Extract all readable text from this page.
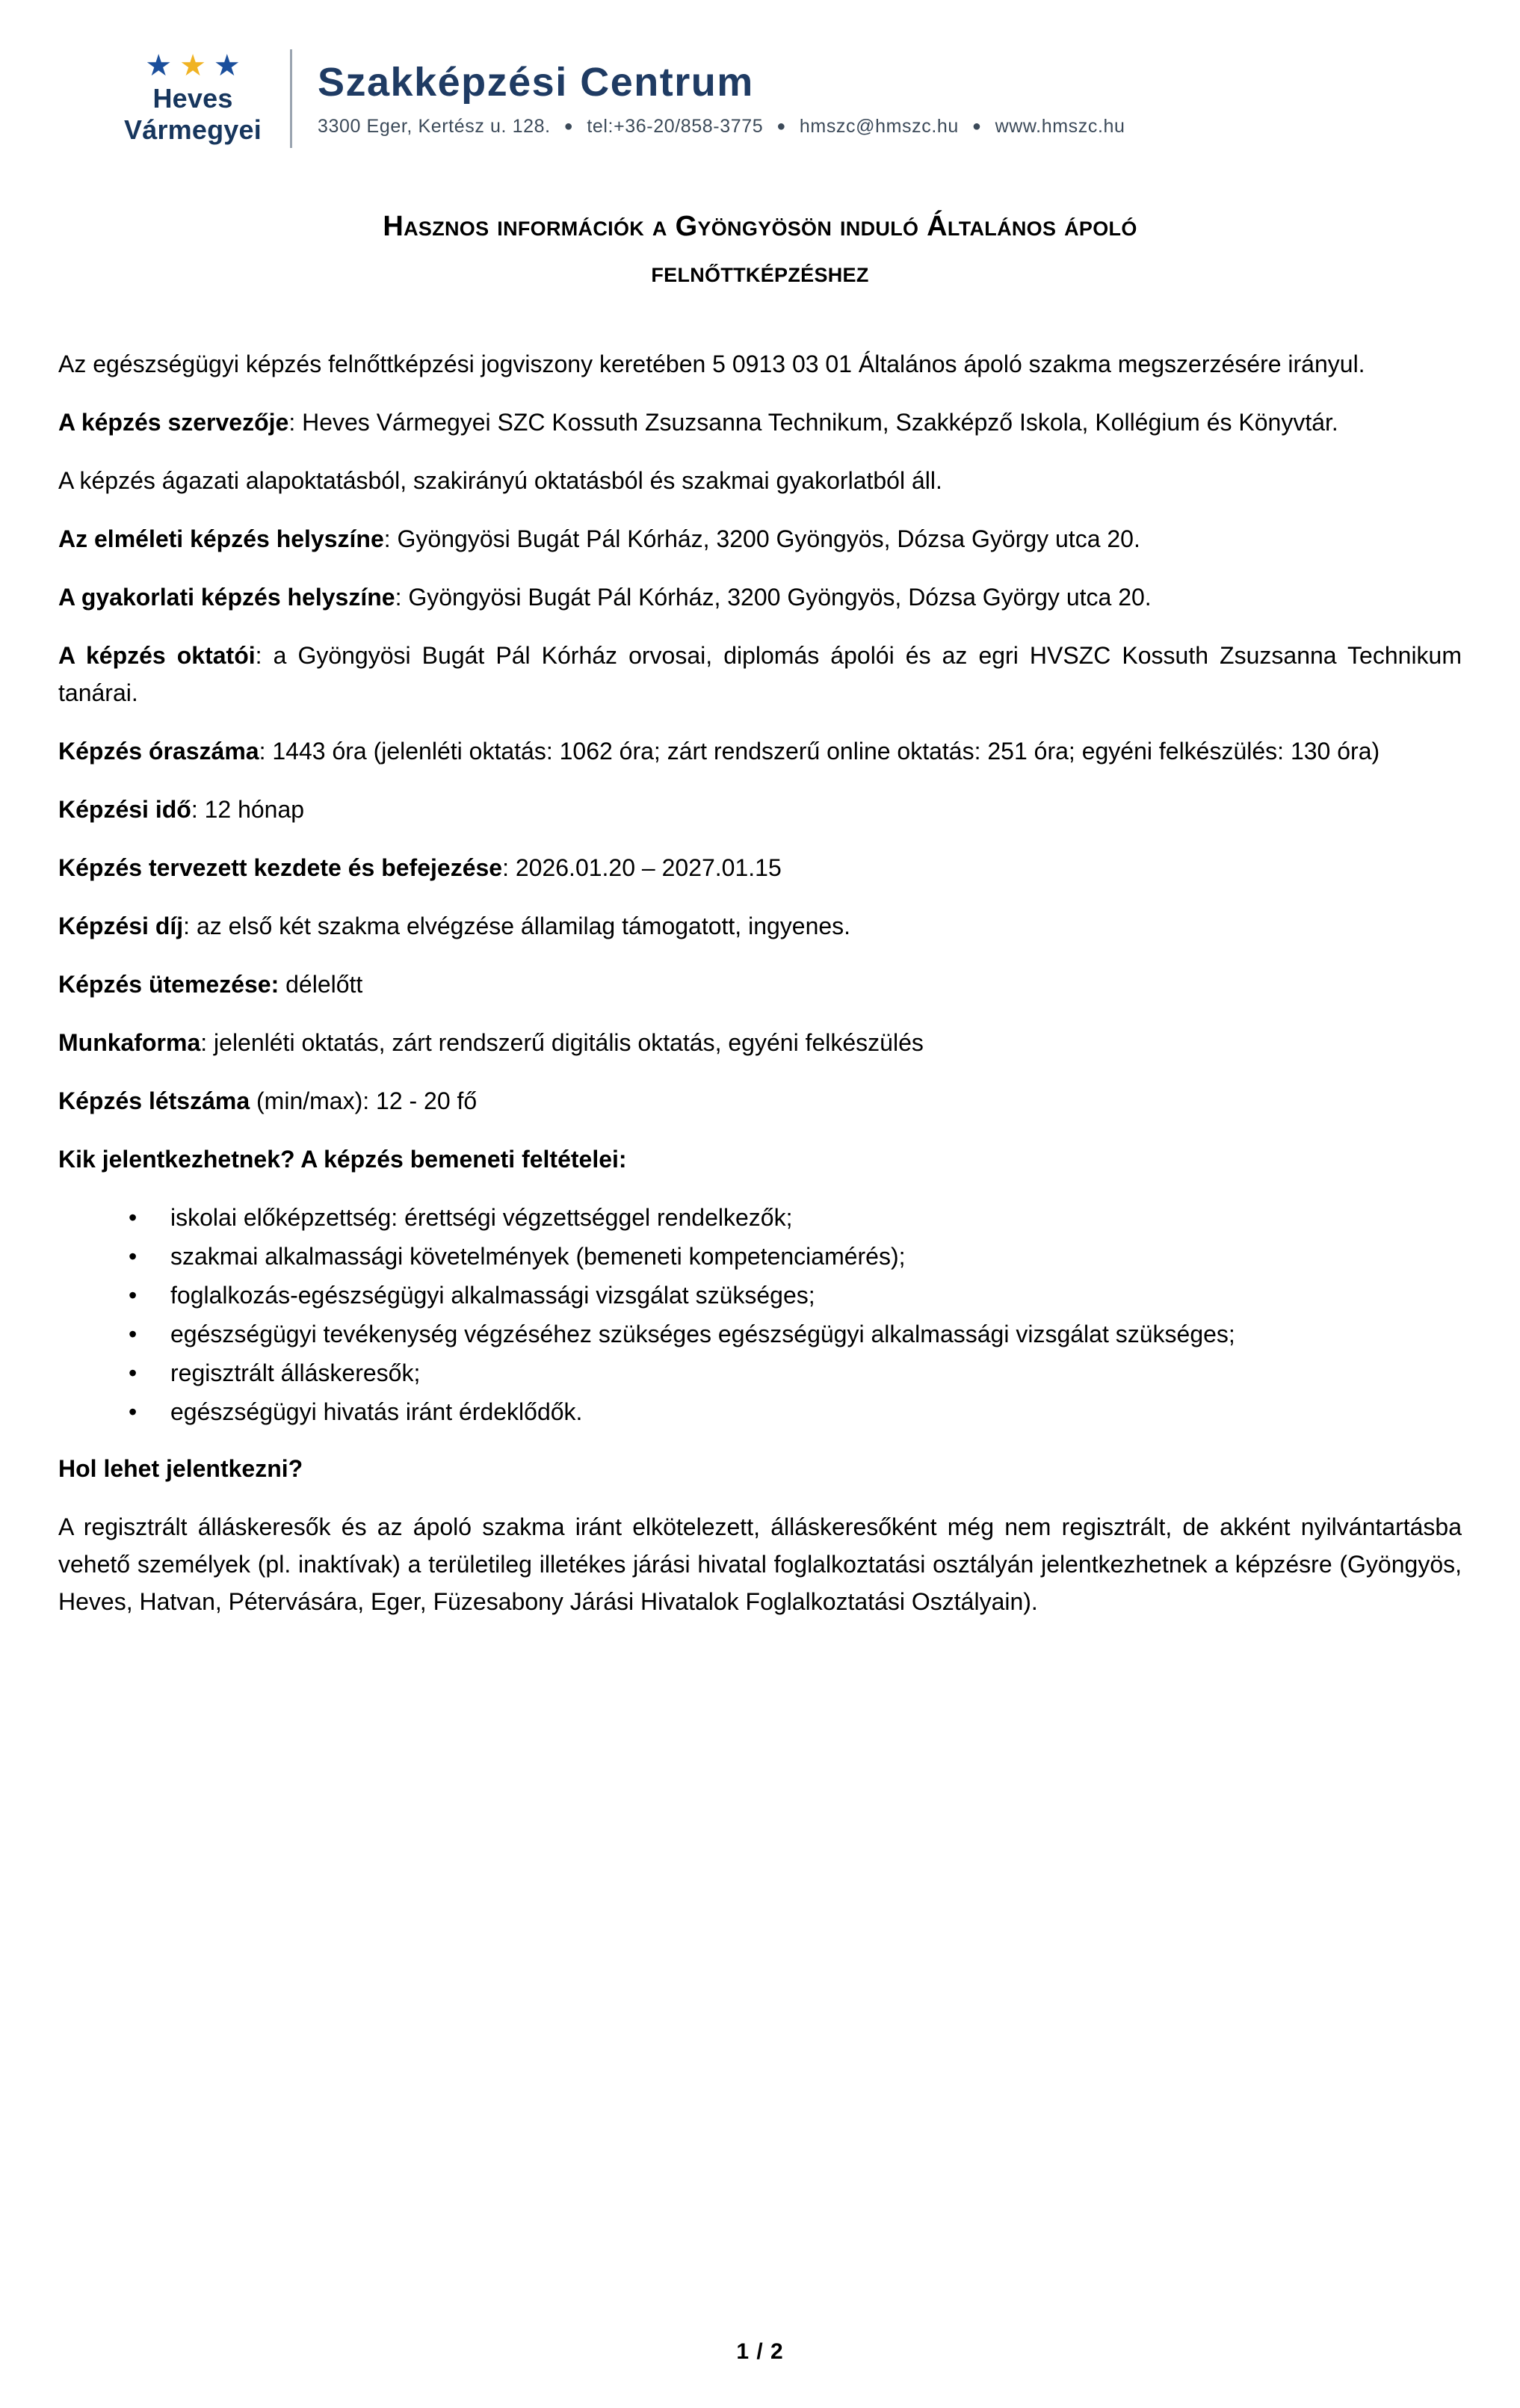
★ ★ ★
Heves
Vármegyei
Szakképzési Centrum
3300 Eger, Kertész u. 128. ● tel:+36-20/858-3775 ● hmszc@hmszc.hu ● www.hmszc.hu
Hasznos információk a Gyöngyösön induló Általános ápoló
felnőttképzéshez

Az egészségügyi képzés felnőttképzési jogviszony keretében 5 0913 03 01 Általános ápoló szakma megszerzésére irányul.

A képzés szervezője: Heves Vármegyei SZC Kossuth Zsuzsanna Technikum, Szakképző Iskola, Kollégium és Könyvtár.

A képzés ágazati alapoktatásból, szakirányú oktatásból és szakmai gyakorlatból áll.

Az elméleti képzés helyszíne: Gyöngyösi Bugát Pál Kórház, 3200 Gyöngyös, Dózsa György utca 20.

A gyakorlati képzés helyszíne: Gyöngyösi Bugát Pál Kórház, 3200 Gyöngyös, Dózsa György utca 20.

A képzés oktatói: a Gyöngyösi Bugát Pál Kórház orvosai, diplomás ápolói és az egri HVSZC Kossuth Zsuzsanna Technikum tanárai.

Képzés óraszáma: 1443 óra (jelenléti oktatás: 1062 óra; zárt rendszerű online oktatás: 251 óra; egyéni felkészülés: 130 óra)

Képzési idő: 12 hónap

Képzés tervezett kezdete és befejezése: 2026.01.20 – 2027.01.15

Képzési díj: az első két szakma elvégzése államilag támogatott, ingyenes.

Képzés ütemezése: délelőtt

Munkaforma: jelenléti oktatás, zárt rendszerű digitális oktatás, egyéni felkészülés

Képzés létszáma (min/max): 12 - 20 fő

Kik jelentkezhetnek? A képzés bemeneti feltételei:

• iskolai előképzettség: érettségi végzettséggel rendelkezők;
• szakmai alkalmassági követelmények (bemeneti kompetenciamérés);
• foglalkozás-egészségügyi alkalmassági vizsgálat szükséges;
• egészségügyi tevékenység végzéséhez szükséges egészségügyi alkalmassági vizsgálat szükséges;
• regisztrált álláskeresők;
• egészségügyi hivatás iránt érdeklődők.

Hol lehet jelentkezni?

A regisztrált álláskeresők és az ápoló szakma iránt elkötelezett, álláskeresőként még nem regisztrált, de akként nyilvántartásba vehető személyek (pl. inaktívak) a területileg illetékes járási hivatal foglalkoztatási osztályán jelentkezhetnek a képzésre (Gyöngyös, Heves, Hatvan, Pétervására, Eger, Füzesabony Járási Hivatalok Foglalkoztatási Osztályain).

1 / 2
